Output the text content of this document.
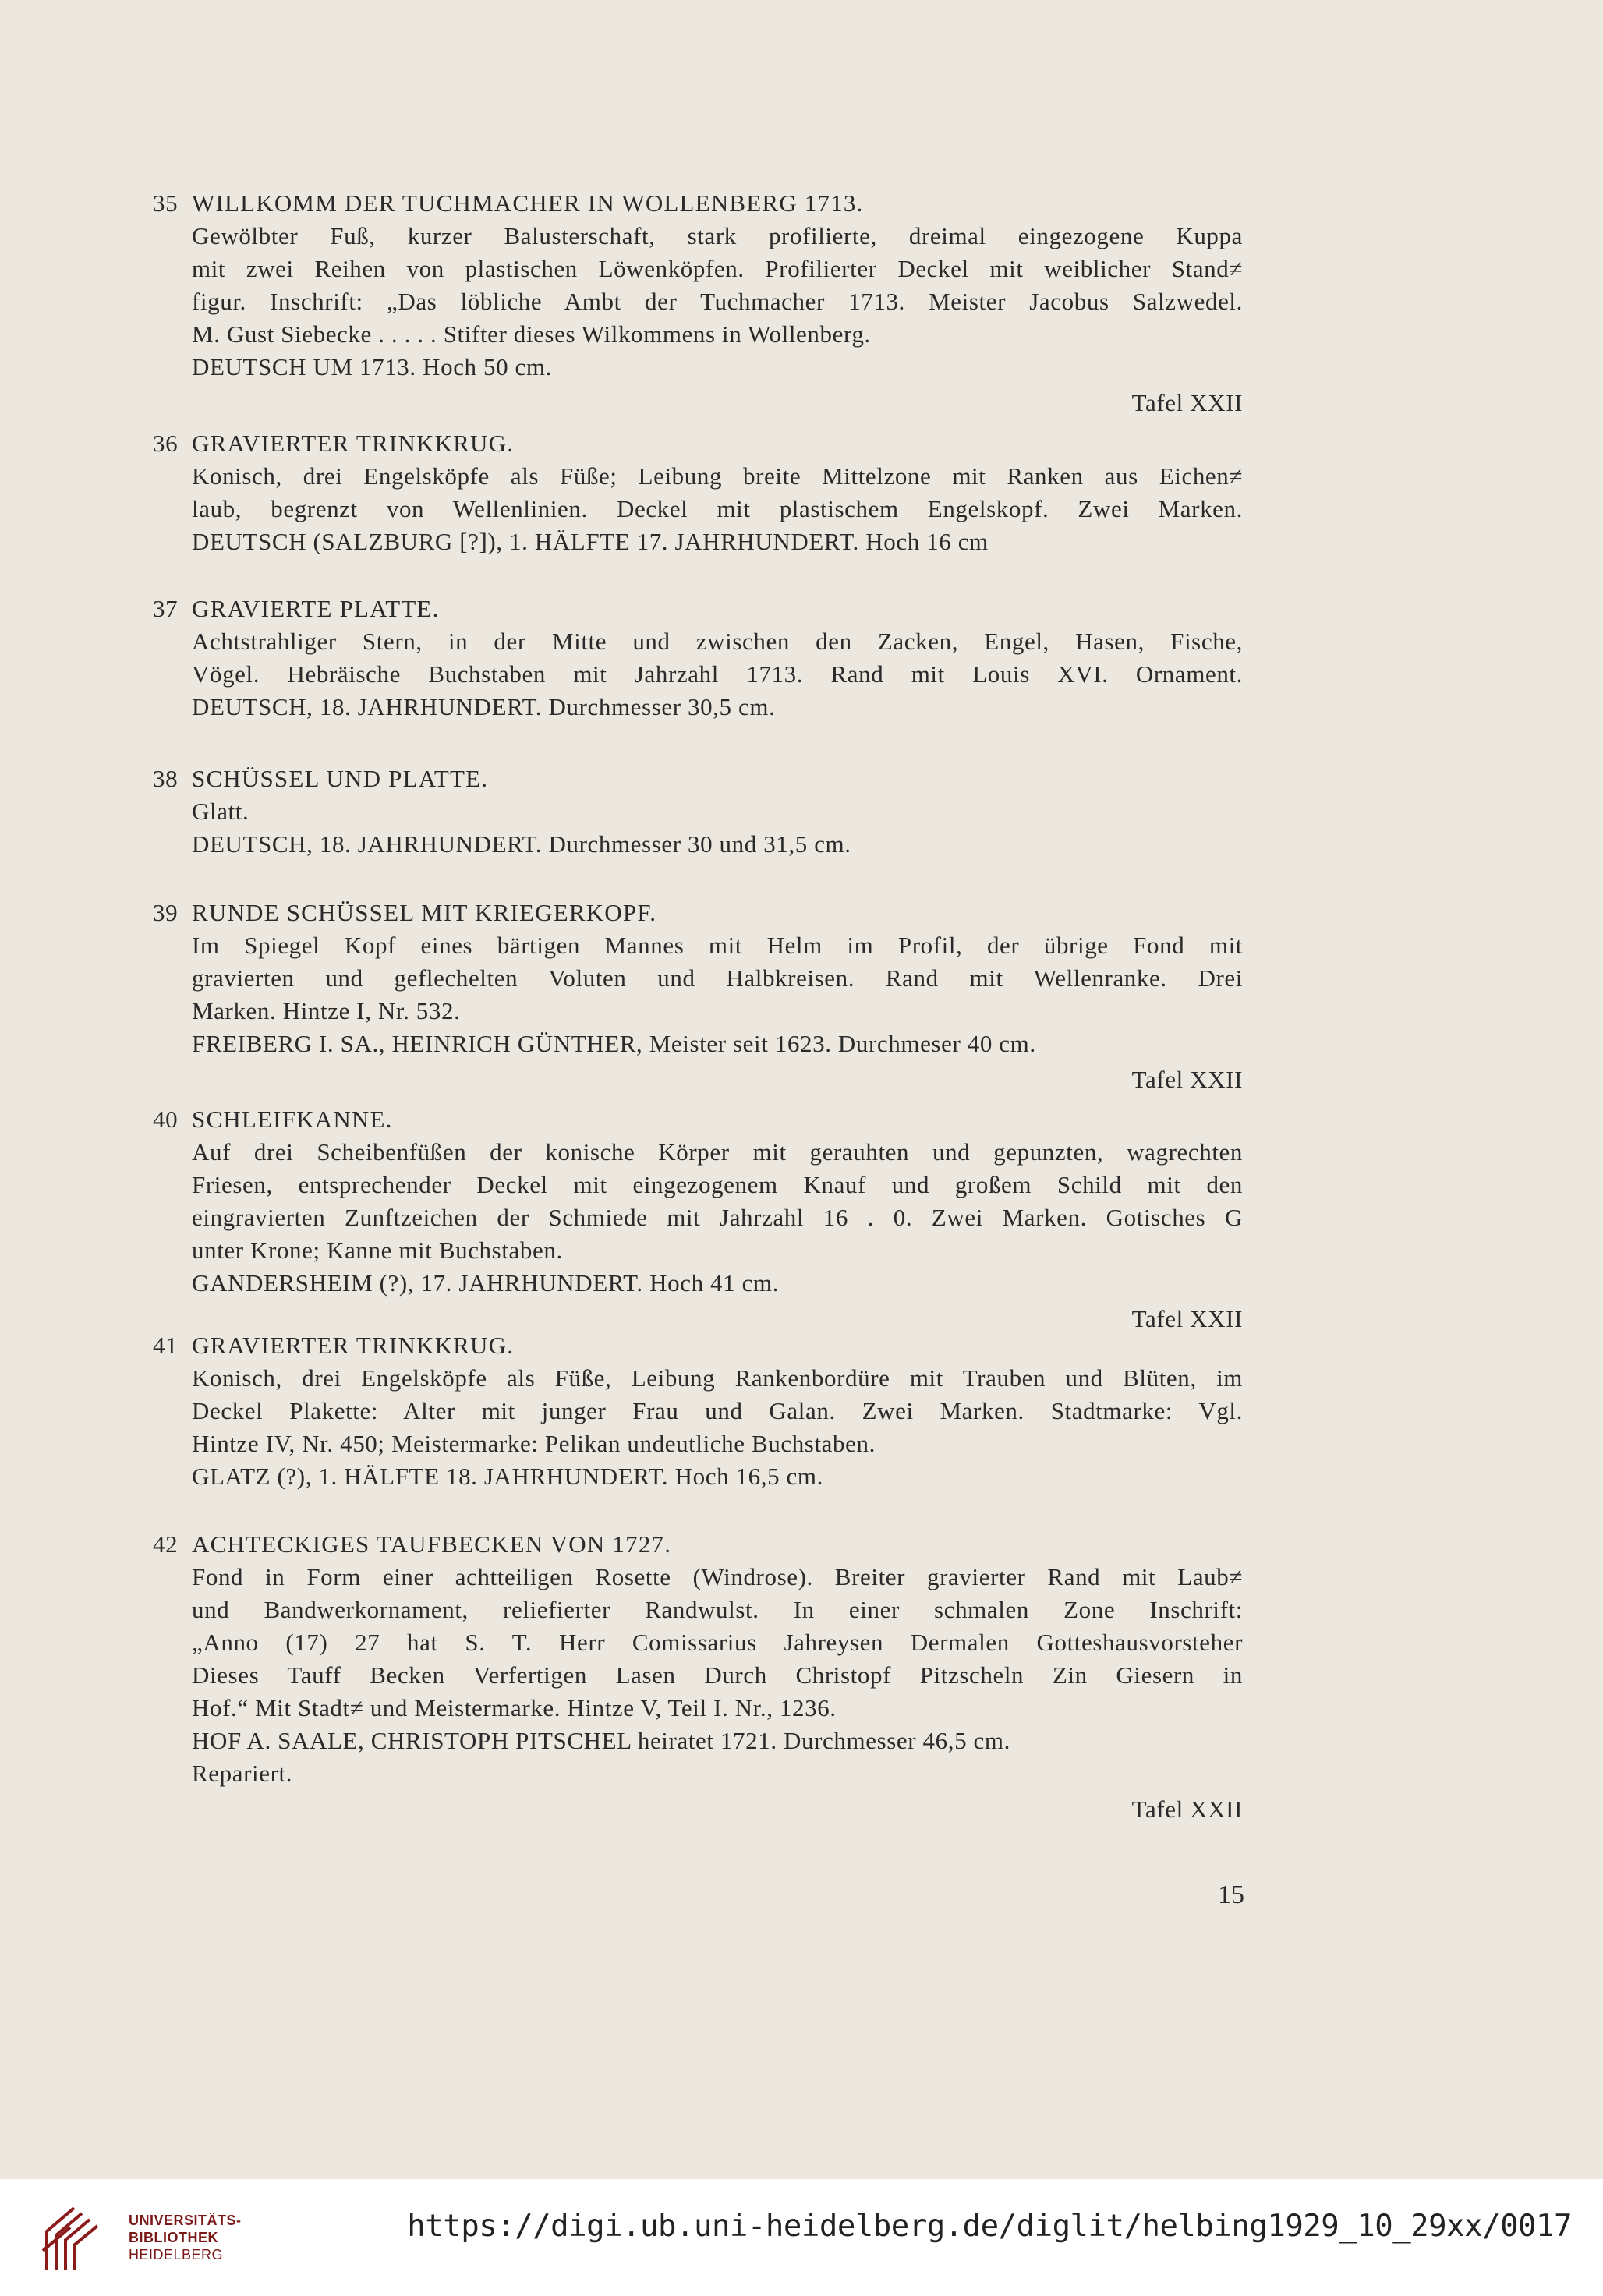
35 WILLKOMM DER TUCHMACHER IN WOLLENBERG 1713.
Gewölbter Fuß, kurzer Balusterschaft, stark profilierte, dreimal eingezogene Kuppa
mit zwei Reihen von plastischen Löwenköpfen. Profilierter Deckel mit weiblicher Stand≠
figur. Inschrift: „Das löbliche Ambt der Tuchmacher 1713. Meister Jacobus Salzwedel.
M. Gust Siebecke . . . . . Stifter dieses Wilkommens in Wollenberg.
DEUTSCH UM 1713. Hoch 50 cm.
Tafel XXII
36 GRAVIERTER TRINKKRUG.
Konisch, drei Engelsköpfe als Füße; Leibung breite Mittelzone mit Ranken aus Eichen≠
laub, begrenzt von Wellenlinien. Deckel mit plastischem Engelskopf. Zwei Marken.
DEUTSCH (SALZBURG [?]), 1. HÄLFTE 17. JAHRHUNDERT. Hoch 16 cm
37 GRAVIERTE PLATTE.
Achtstrahliger Stern, in der Mitte und zwischen den Zacken, Engel, Hasen, Fische,
Vögel. Hebräische Buchstaben mit Jahrzahl 1713. Rand mit Louis XVI. Ornament.
DEUTSCH, 18. JAHRHUNDERT. Durchmesser 30,5 cm.
38 SCHÜSSEL UND PLATTE.
Glatt.
DEUTSCH, 18. JAHRHUNDERT. Durchmesser 30 und 31,5 cm.
39 RUNDE SCHÜSSEL MIT KRIEGERKOPF.
Im Spiegel Kopf eines bärtigen Mannes mit Helm im Profil, der übrige Fond mit
gravierten und geflechelten Voluten und Halbkreisen. Rand mit Wellenranke. Drei
Marken. Hintze I, Nr. 532.
FREIBERG I. SA., HEINRICH GÜNTHER, Meister seit 1623. Durchmeser 40 cm.
Tafel XXII
40 SCHLEIFKANNE.
Auf drei Scheibenfüßen der konische Körper mit gerauhten und gepunzten, wagrechten
Friesen, entsprechender Deckel mit eingezogenem Knauf und großem Schild mit den
eingravierten Zunftzeichen der Schmiede mit Jahrzahl 16 . 0. Zwei Marken. Gotisches G
unter Krone; Kanne mit Buchstaben.
GANDERSHEIM (?), 17. JAHRHUNDERT. Hoch 41 cm.
Tafel XXII
41 GRAVIERTER TRINKKRUG.
Konisch, drei Engelsköpfe als Füße, Leibung Rankenbordüre mit Trauben und Blüten, im
Deckel Plakette: Alter mit junger Frau und Galan. Zwei Marken. Stadtmarke: Vgl.
Hintze IV, Nr. 450; Meistermarke: Pelikan undeutliche Buchstaben.
GLATZ (?), 1. HÄLFTE 18. JAHRHUNDERT. Hoch 16,5 cm.
42 ACHTECKIGES TAUFBECKEN VON 1727.
Fond in Form einer achtteiligen Rosette (Windrose). Breiter gravierter Rand mit Laub≠
und Bandwerkornament, reliefierter Randwulst. In einer schmalen Zone Inschrift:
„Anno (17) 27 hat S. T. Herr Comissarius Jahreysen Dermalen Gotteshausvorsteher
Dieses Tauff Becken Verfertigen Lasen Durch Christopf Pitzscheln Zin Giesern in
Hof.“ Mit Stadt≠ und Meistermarke. Hintze V, Teil I. Nr., 1236.
HOF A. SAALE, CHRISTOPH PITSCHEL heiratet 1721. Durchmesser 46,5 cm.
Repariert.
Tafel XXII
15
UNIVERSITÄTS-
BIBLIOTHEK
HEIDELBERG
https://digi.ub.uni-heidelberg.de/diglit/helbing1929_10_29xx/0017
